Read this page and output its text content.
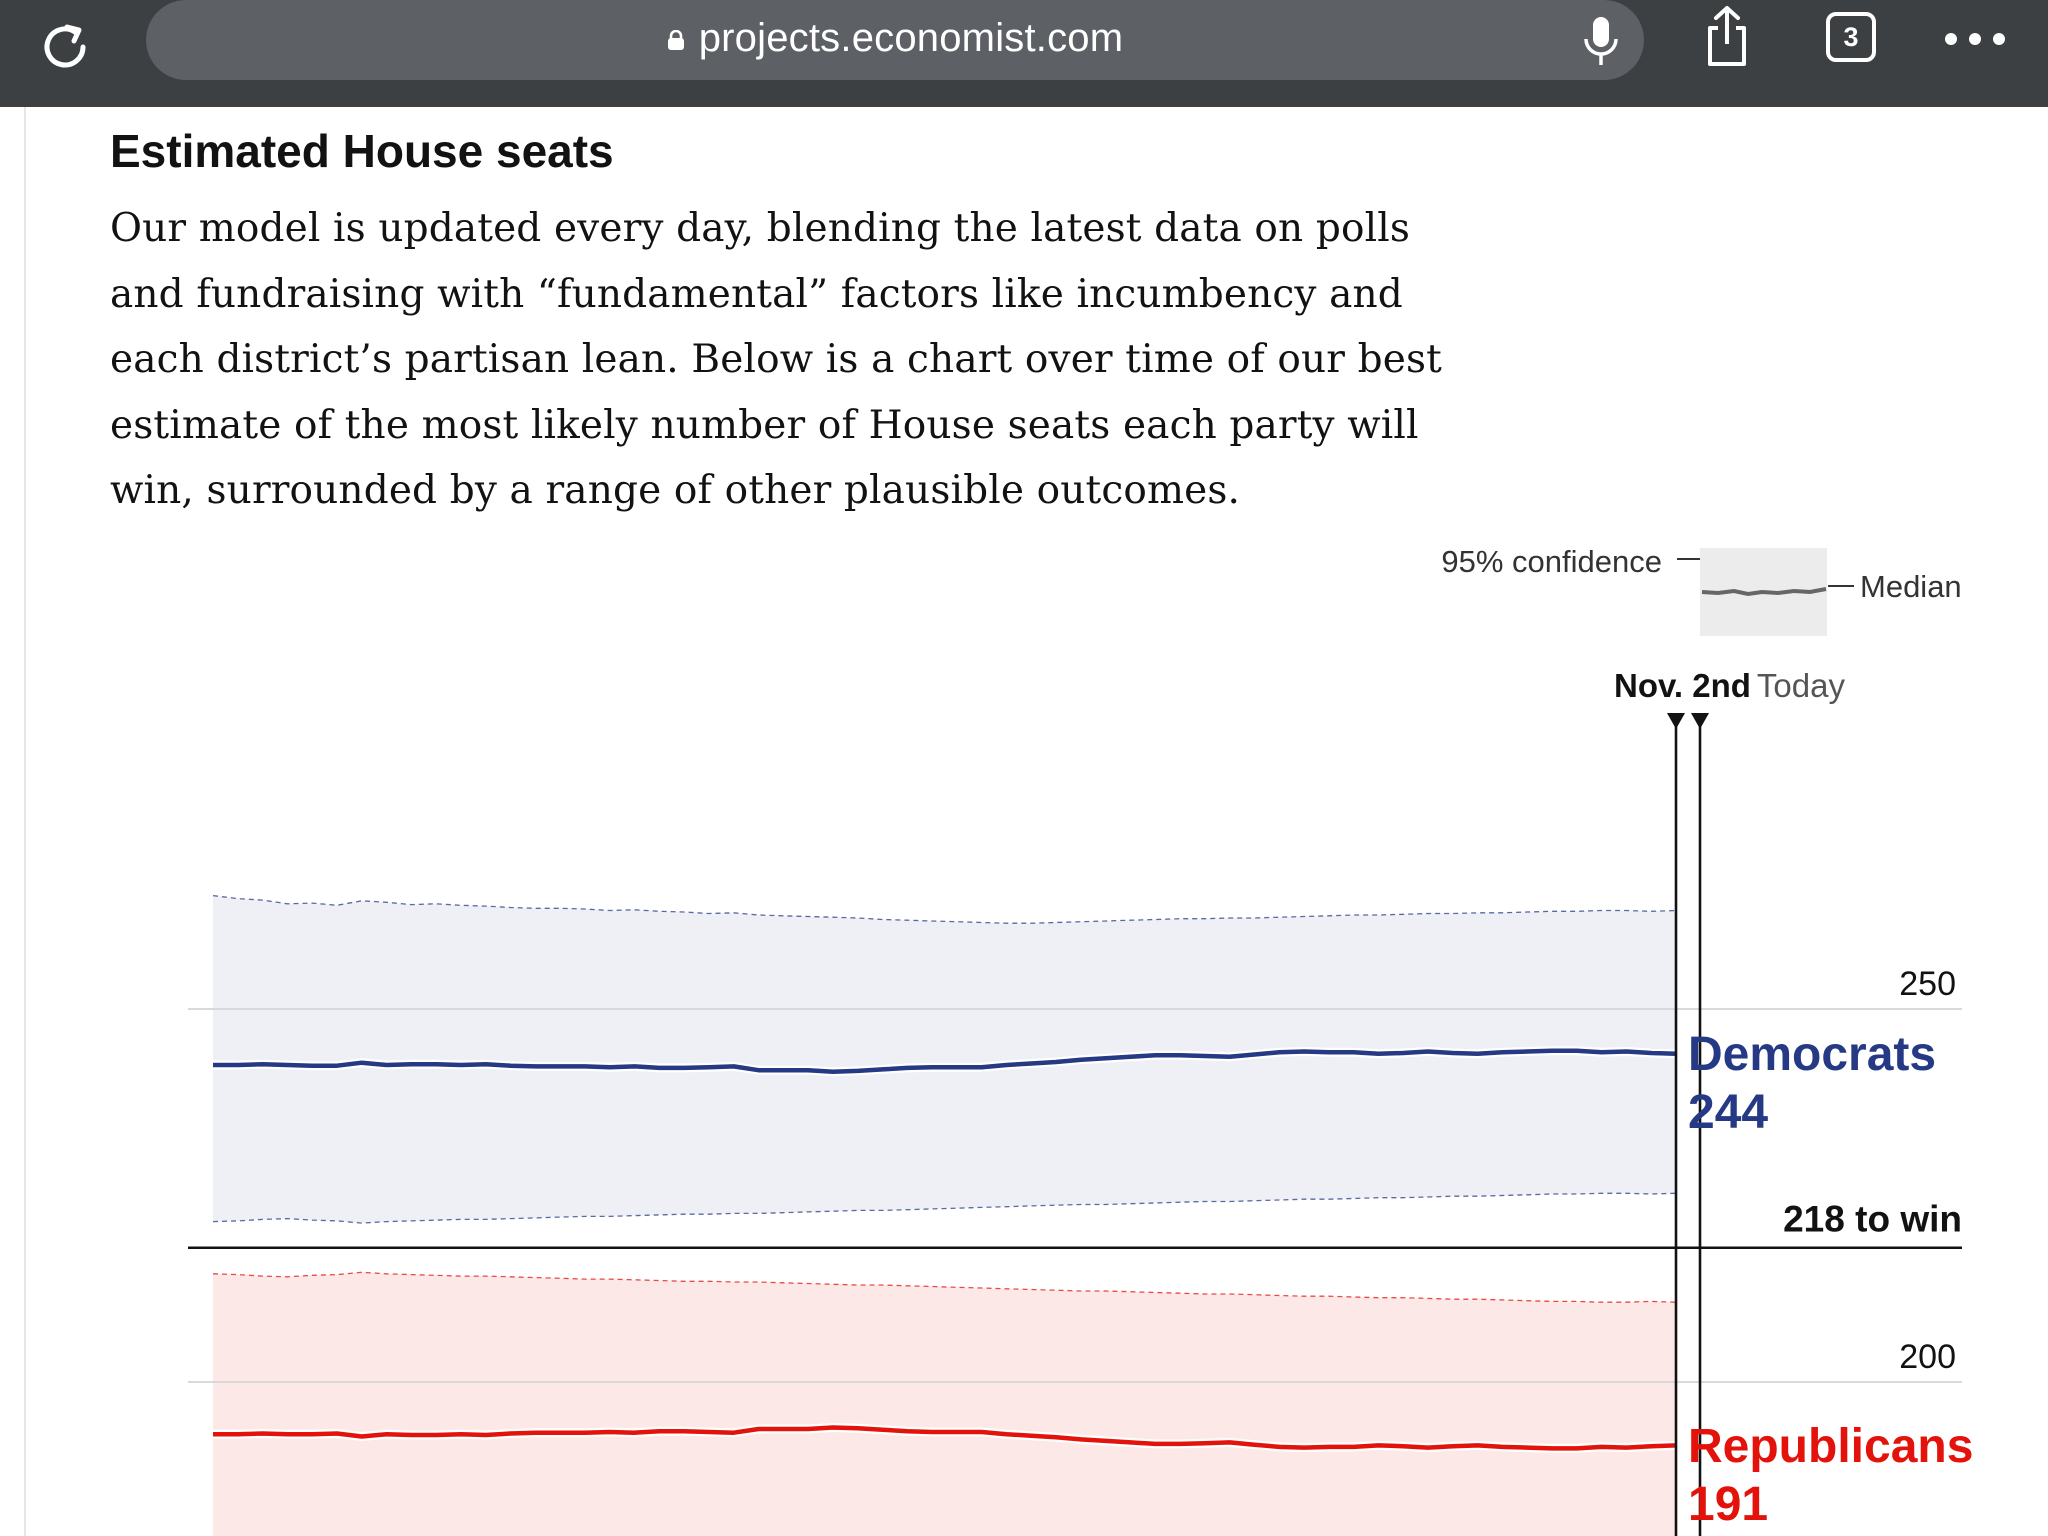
projects.economist.com	3
Estimated House seats

Our model is updated every day, blending the latest data on polls and fundraising with “fundamental” factors like incumbency and each district’s partisan lean. Below is a chart over time of our best estimate of the most likely number of House seats each party will win, surrounded by a range of other plausible outcomes.

250
200
218 to win
Nov. 2nd Today
Democrats
244
Republicans
191
95% confidence
Median
